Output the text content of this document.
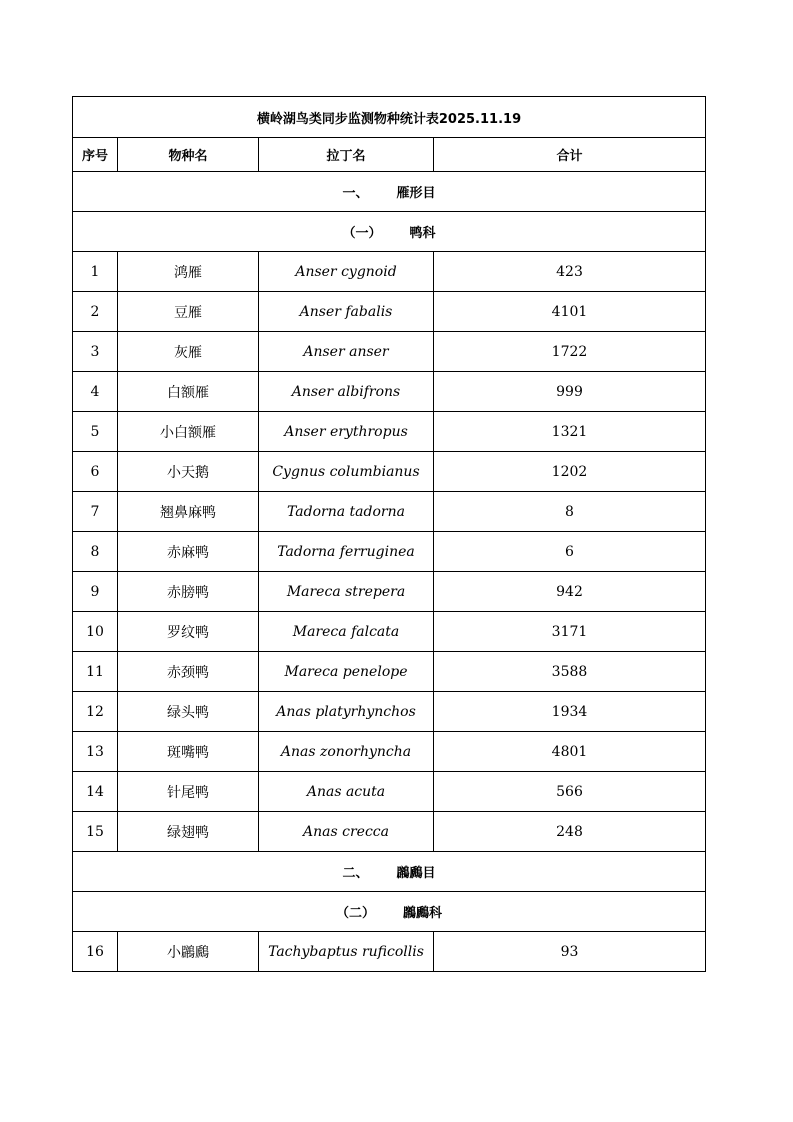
横岭湖鸟类同步监测物种统计表2025.11.19			
序号	物种名	拉丁名	合计
一、 雁形目			
（一） 鸭科			
1	鸿雁	Anser cygnoid	423
2	豆雁	Anser fabalis	4101
3	灰雁	Anser anser	1722
4	白额雁	Anser albifrons	999
5	小白额雁	Anser erythropus	1321
6	小天鹅	Cygnus columbianus	1202
7	翘鼻麻鸭	Tadorna tadorna	8
8	赤麻鸭	Tadorna ferruginea	6
9	赤膀鸭	Mareca strepera	942
10	罗纹鸭	Mareca falcata	3171
11	赤颈鸭	Mareca penelope	3588
12	绿头鸭	Anas platyrhynchos	1934
13	斑嘴鸭	Anas zonorhyncha	4801
14	针尾鸭	Anas acuta	566
15	绿翅鸭	Anas crecca	248
二、 鸊鷉目			
（二） 鸊鷉科			
16	小鸊鷉	Tachybaptus ruficollis	93
